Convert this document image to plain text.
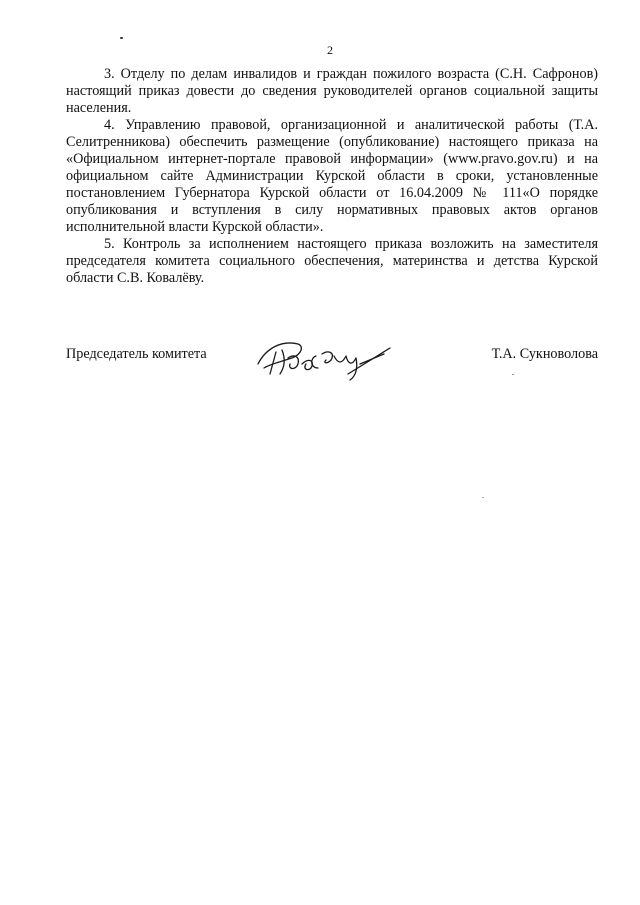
2

3. Отделу по делам инвалидов и граждан пожилого возраста (С.Н. Сафронов) настоящий приказ довести до сведения руководителей органов социальной защиты населения.

4. Управлению правовой, организационной и аналитической работы (Т.А. Селитренникова) обеспечить размещение (опубликование) настоящего приказа на «Официальном интернет-портале правовой информации» (www.pravo.gov.ru) и на официальном сайте Администрации Курской области в сроки, установленные постановлением Губернатора Курской области от 16.04.2009 № 111«О порядке опубликования и вступления в силу нормативных правовых актов органов исполнительной власти Курской области».

5. Контроль за исполнением настоящего приказа возложить на заместителя председателя комитета социального обеспечения, материнства и детства Курской области С.В. Ковалёву.

Председатель комитета	Т.А. Сукноволова
